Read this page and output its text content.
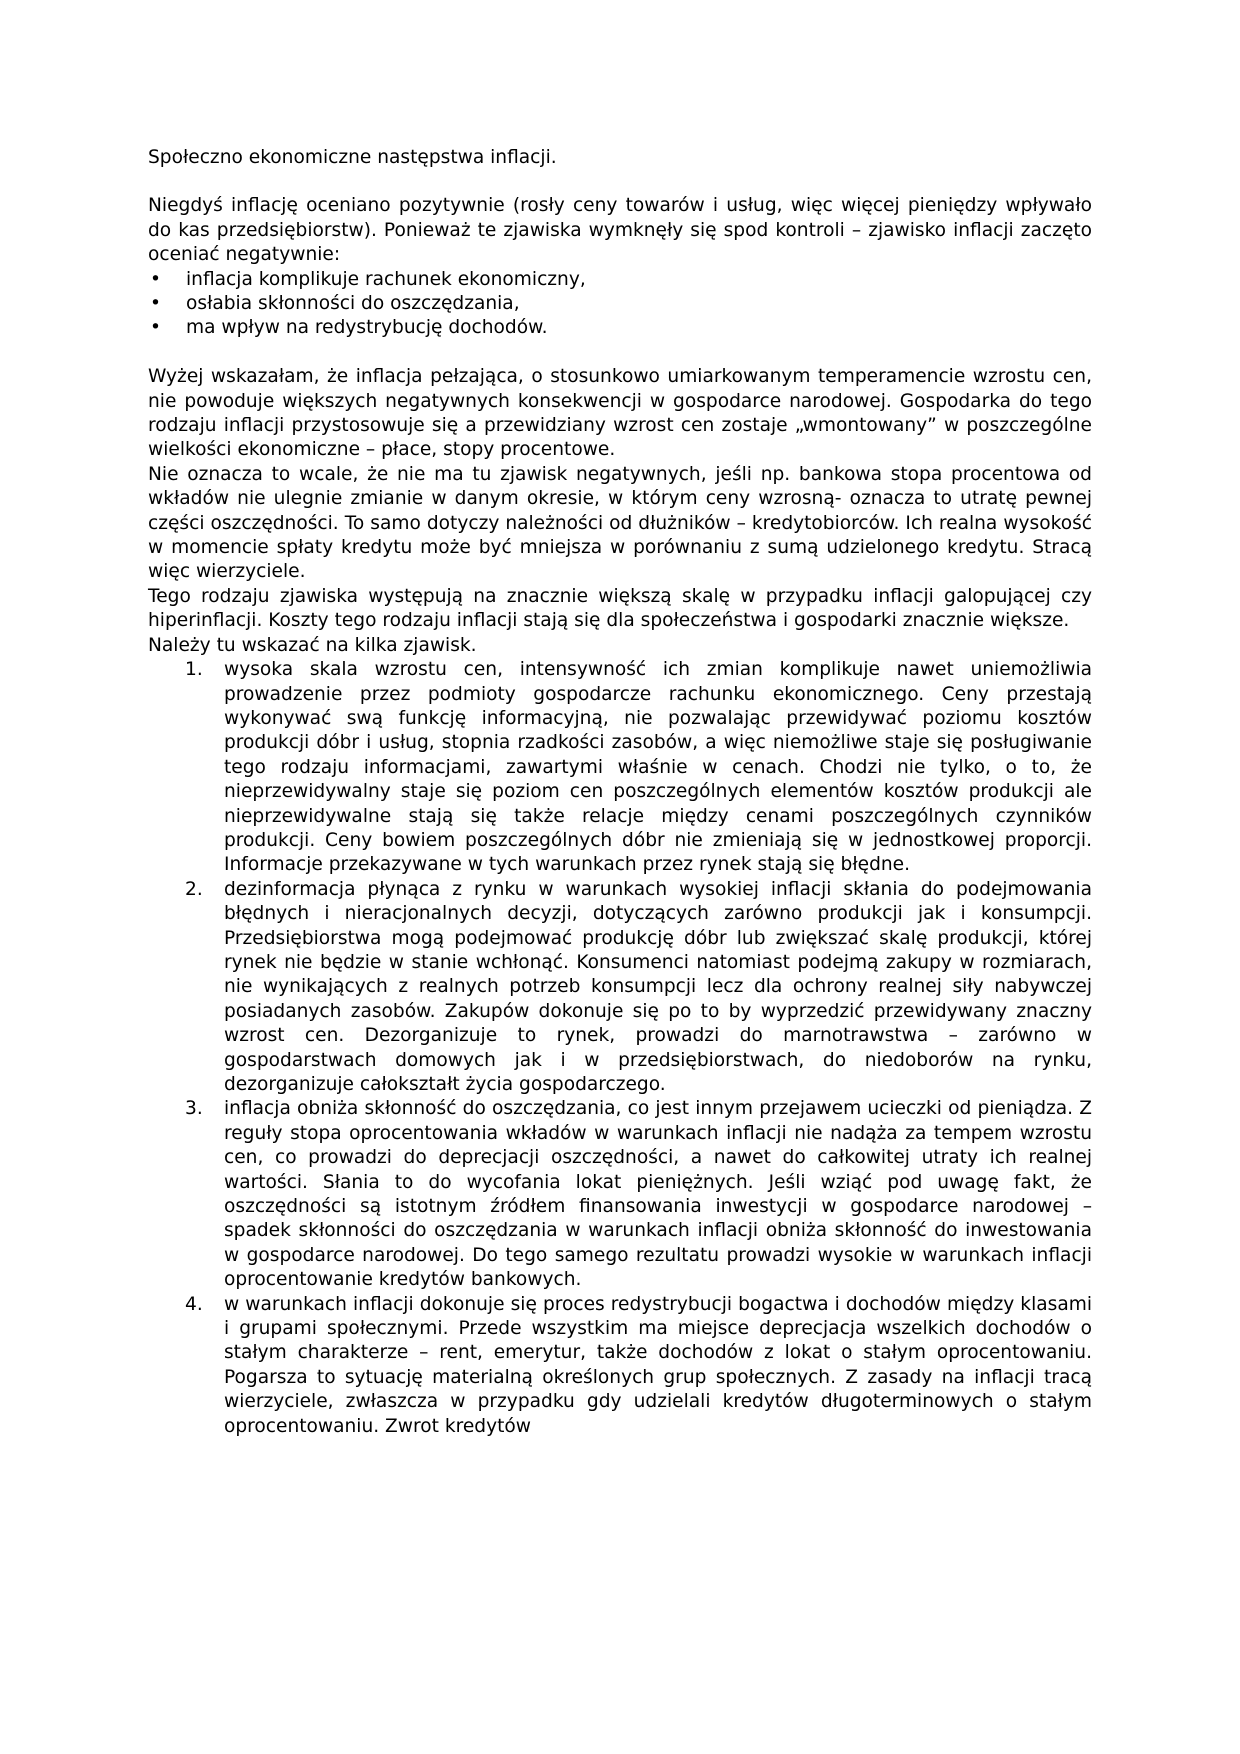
Społeczno ekonomiczne następstwa inflacji.

Niegdyś inflację oceniano pozytywnie (rosły ceny towarów i usług, więc więcej pieniędzy wpływało do kas przedsiębiorstw). Ponieważ te zjawiska wymknęły się spod kontroli – zjawisko inflacji zaczęto oceniać negatywnie:

• inflacja komplikuje rachunek ekonomiczny,
• osłabia skłonności do oszczędzania,
• ma wpływ na redystrybucję dochodów.

Wyżej wskazałam, że inflacja pełzająca, o stosunkowo umiarkowanym temperamencie wzrostu cen, nie powoduje większych negatywnych konsekwencji w gospodarce narodowej. Gospodarka do tego rodzaju inflacji przystosowuje się a przewidziany wzrost cen zostaje „wmontowany” w poszczególne wielkości ekonomiczne – płace, stopy procentowe.

Nie oznacza to wcale, że nie ma tu zjawisk negatywnych, jeśli np. bankowa stopa procentowa od wkładów nie ulegnie zmianie w danym okresie, w którym ceny wzrosną- oznacza to utratę pewnej części oszczędności. To samo dotyczy należności od dłużników – kredytobiorców. Ich realna wysokość w momencie spłaty kredytu może być mniejsza w porównaniu z sumą udzielonego kredytu. Stracą więc wierzyciele.

Tego rodzaju zjawiska występują na znacznie większą skalę w przypadku inflacji galopującej czy hiperinflacji. Koszty tego rodzaju inflacji stają się dla społeczeństwa i gospodarki znacznie większe.

Należy tu wskazać na kilka zjawisk.

1. wysoka skala wzrostu cen, intensywność ich zmian komplikuje nawet uniemożliwia prowadzenie przez podmioty gospodarcze rachunku ekonomicznego. Ceny przestają wykonywać swą funkcję informacyjną, nie pozwalając przewidywać poziomu kosztów produkcji dóbr i usług, stopnia rzadkości zasobów, a więc niemożliwe staje się posługiwanie tego rodzaju informacjami, zawartymi właśnie w cenach. Chodzi nie tylko, o to, że nieprzewidywalny staje się poziom cen poszczególnych elementów kosztów produkcji ale nieprzewidywalne stają się także relacje między cenami poszczególnych czynników produkcji. Ceny bowiem poszczególnych dóbr nie zmieniają się w jednostkowej proporcji. Informacje przekazywane w tych warunkach przez rynek stają się błędne.
2. dezinformacja płynąca z rynku w warunkach wysokiej inflacji skłania do podejmowania błędnych i nieracjonalnych decyzji, dotyczących zarówno produkcji jak i konsumpcji. Przedsiębiorstwa mogą podejmować produkcję dóbr lub zwiększać skalę produkcji, której rynek nie będzie w stanie wchłonąć. Konsumenci natomiast podejmą zakupy w rozmiarach, nie wynikających z realnych potrzeb konsumpcji lecz dla ochrony realnej siły nabywczej posiadanych zasobów. Zakupów dokonuje się po to by wyprzedzić przewidywany znaczny wzrost cen. Dezorganizuje to rynek, prowadzi do marnotrawstwa – zarówno w gospodarstwach domowych jak i w przedsiębiorstwach, do niedoborów na rynku, dezorganizuje całokształt życia gospodarczego.
3. inflacja obniża skłonność do oszczędzania, co jest innym przejawem ucieczki od pieniądza. Z reguły stopa oprocentowania wkładów w warunkach inflacji nie nadąża za tempem wzrostu cen, co prowadzi do deprecjacji oszczędności, a nawet do całkowitej utraty ich realnej wartości. Słania to do wycofania lokat pieniężnych. Jeśli wziąć pod uwagę fakt, że oszczędności są istotnym źródłem finansowania inwestycji w gospodarce narodowej – spadek skłonności do oszczędzania w warunkach inflacji obniża skłonność do inwestowania w gospodarce narodowej. Do tego samego rezultatu prowadzi wysokie w warunkach inflacji oprocentowanie kredytów bankowych.
4. w warunkach inflacji dokonuje się proces redystrybucji bogactwa i dochodów między klasami i grupami społecznymi. Przede wszystkim ma miejsce deprecjacja wszelkich dochodów o stałym charakterze – rent, emerytur, także dochodów z lokat o stałym oprocentowaniu. Pogarsza to sytuację materialną określonych grup społecznych. Z zasady na inflacji tracą wierzyciele, zwłaszcza w przypadku gdy udzielali kredytów długoterminowych o stałym oprocentowaniu. Zwrot kredytów
